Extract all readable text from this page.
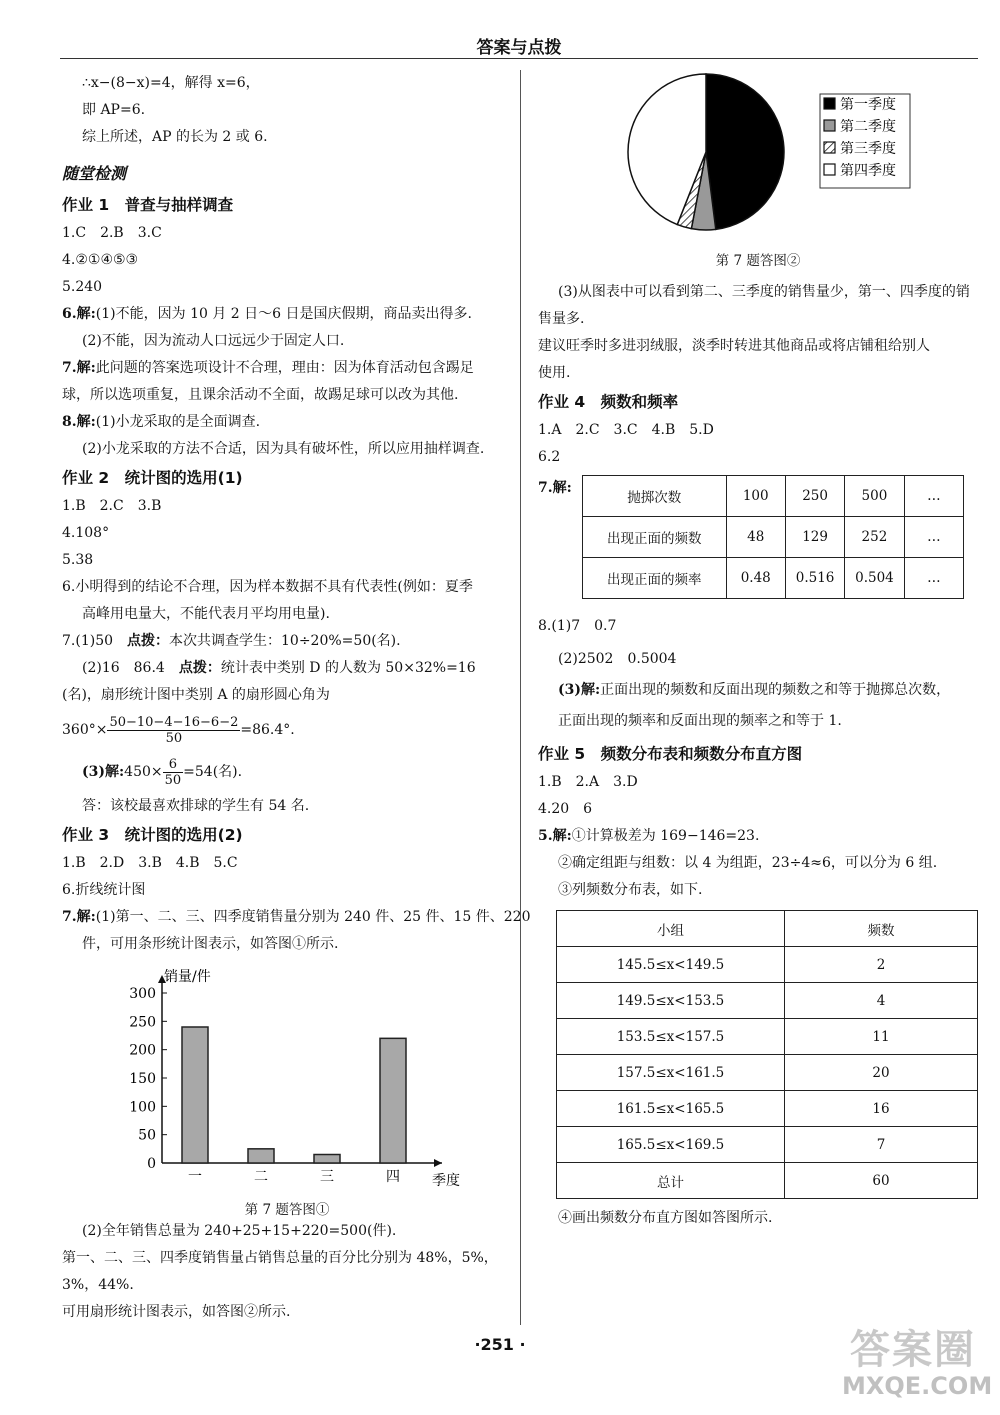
答案与点拨
∴x−(8−x)=4，解得 x=6，
即 AP=6.
综上所述，AP 的长为 2 或 6.
随堂检测
作业 1　普查与抽样调查
1.C　2.B　3.C
4.②①④⑤③
5.240
6.解:(1)不能，因为 10 月 2 日～6 日是国庆假期，商品卖出得多.
(2)不能，因为流动人口远远少于固定人口.
7.解:此问题的答案选项设计不合理，理由：因为体育活动包含踢足
球，所以选项重复，且课余活动不全面，故踢足球可以改为其他.
8.解:(1)小龙采取的是全面调查.
(2)小龙采取的方法不合适，因为具有破坏性，所以应用抽样调查.
作业 2　统计图的选用(1)
1.B　2.C　3.B
4.108°
5.38
6.小明得到的结论不合理，因为样本数据不具有代表性(例如：夏季
高峰用电量大，不能代表月平均用电量).
7.(1)50　点拨：本次共调查学生：10÷20%=50(名).
(2)16　86.4　点拨：统计表中类别 D 的人数为 50×32%=16
(名)，扇形统计图中类别 A 的扇形圆心角为
$360^\circ\times \frac{50-10-4-16-6-2}{50} =86.4^\circ$.
(3)解:450× $\frac{6}{50} =54$(名).
答：该校最喜欢排球的学生有 54 名.
作业 3　统计图的选用(2)
1.B　2.D　3.B　4.B　5.C
6.折线统计图
7.解:(1)第一、二、三、四季度销售量分别为 240 件、25 件、15 件、220
件，可用条形统计图表示，如答图①所示.
0
50
100
150
200
250
300
销量/件
季度
一	二	三	四
第 7 题答图①
(2)全年销售总量为 240+25+15+220=500(件).
第一、二、三、四季度销售量占销售总量的百分比分别为 48%，5%，
3%，44%.
可用扇形统计图表示，如答图②所示.
第一季度
第二季度
第三季度
第四季度
第 7 题答图②
(3)从图表中可以看到第二、三季度的销售量少，第一、四季度的销
售量多.
建议旺季时多进羽绒服，淡季时转进其他商品或将店铺租给别人
使用.
作业 4　频数和频率
1.A　2.C　3.C　4.B　5.D
6.2
7.解:
抛掷次数	100	250	500	…
出现正面的频数	48	129	252	…
出现正面的频率	0.48	0.516	0.504	…
8.(1)7　0.7
(2)2502　0.5004
(3)解:正面出现的频数和反面出现的频数之和等于抛掷总次数，
正面出现的频率和反面出现的频率之和等于 1.
作业 5　频数分布表和频数分布直方图
1.B　2.A　3.D
4.20　6
5.解:①计算极差为 169−146=23.
②确定组距与组数：以 4 为组距，23÷4≈6，可以分为 6 组.
③列频数分布表，如下.
小组	频数
145.5≤x<149.5	2
149.5≤x<153.5	4
153.5≤x<157.5	11
157.5≤x<161.5	20
161.5≤x<165.5	16
165.5≤x<169.5	7
总计	60
④画出频数分布直方图如答图所示.
·251 ·	答案圈
MXQE.COM
